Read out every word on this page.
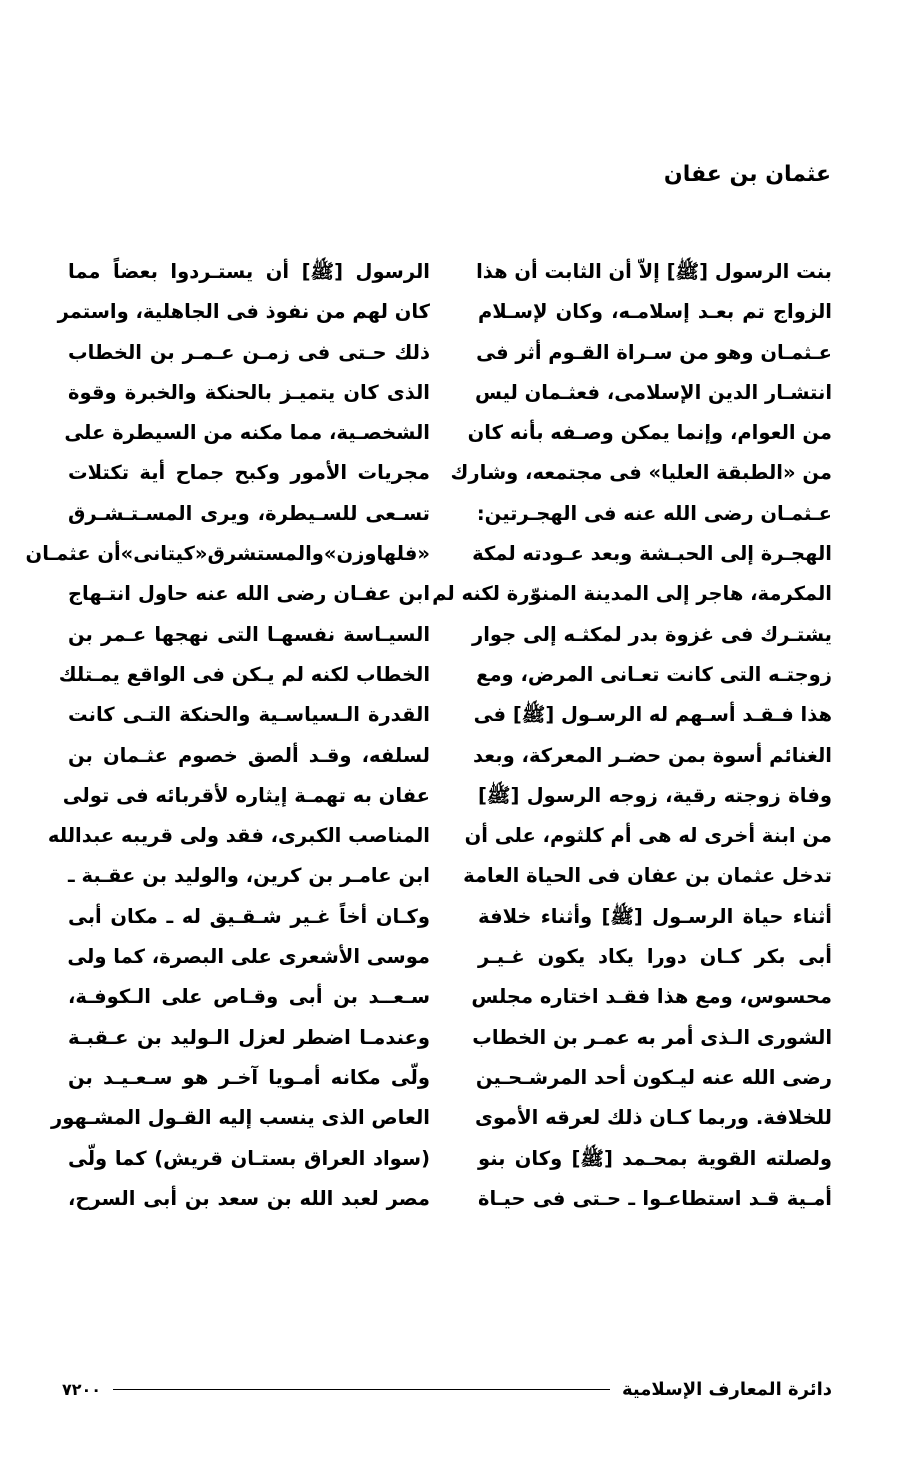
عثمان بن عفان
بنت الرسول [ﷺ] إلاّ أن الثابت أن هذا
الزواج تم بعـد إسلامـه، وكان لإسـلام
عـثمـان وهو من سـراة القـوم أثر فى
انتشـار الدين الإسلامى، فعثـمان ليس
من العوام، وإنما يمكن وصـفه بأنه كان
من «الطبقة العليا» فى مجتمعه، وشارك
عـثمـان رضى الله عنه فى الهجـرتين:
الهجـرة إلى الحبـشة وبعد عـودته لمكة
المكرمة، هاجر إلى المدينة المنوّرة لكنه لم
يشتـرك فى غزوة بدر لمكثـه إلى جوار
زوجتـه التى كانت تعـانى المرض، ومع
هذا فـقـد أسـهم له الرسـول [ﷺ] فى
الغنائم أسوة بمن حضـر المعركة، وبعد
وفاة زوجته رقية، زوجه الرسول [ﷺ]
من ابنة أخرى له هى أم كلثوم، على أن
تدخل عثمان بن عفان فى الحياة العامة
أثناء حياة الرسـول [ﷺ] وأثناء خلافة
أبى بكر كـان دورا يكاد يكون غـيـر
محسوس، ومع هذا فقـد اختاره مجلس
الشورى الـذى أمر به عمـر بن الخطاب
رضى الله عنه ليـكون أحد المرشـحـين
للخلافة. وربما كـان ذلك لعرقه الأموى
ولصلته القوية بمحـمد [ﷺ] وكان بنو
أمـية قـد استطاعـوا ـ حـتى فى حيـاة
الرسول [ﷺ] أن يستـردوا بعضاً مما
كان لهم من نفوذ فى الجاهلية، واستمر
ذلك حـتى فى زمـن عـمـر بن الخطاب
الذى كان يتميـز بالحنكة والخبرة وقوة
الشخصـية، مما مكنه من السيطرة على
مجريات الأمور وكبح جماح أية تكتلات
تسـعى للسـيطرة، ويرى المسـتـشـرق
«فلهاوزن»والمستشرق«كيتانى»أن عثمـان
ابن عفـان رضى الله عنه حاول انتـهاج
السيـاسة نفسهـا التى نهجها عـمر بن
الخطاب لكنه لم يـكن فى الواقع يمـتلك
القدرة الـسياسـية والحنكة التـى كانت
لسلفه، وقـد ألصق خصوم عثـمان بن
عفان به تهمـة إيثاره لأقربائه فى تولى
المناصب الكبرى، فقد ولى قريبه عبدالله
ابن عامـر بن كرين، والوليد بن عقـبة ـ
وكـان أخاً غـير شـقـيق له ـ مكان أبى
موسى الأشعرى على البصرة، كما ولى
سـعــد بن أبى وقـاص على الـكوفـة،
وعندمـا اضطر لعزل الـوليد بن عـقبـة
ولّى مكانه أمـويا آخـر هو سـعـيـد بن
العاص الذى ينسب إليه القـول المشـهور
(سواد العراق بستـان قريش) كما ولّى
مصر لعبد الله بن سعد بن أبى السرح،
دائرة المعارف الإسلامية
٧٢٠٠
